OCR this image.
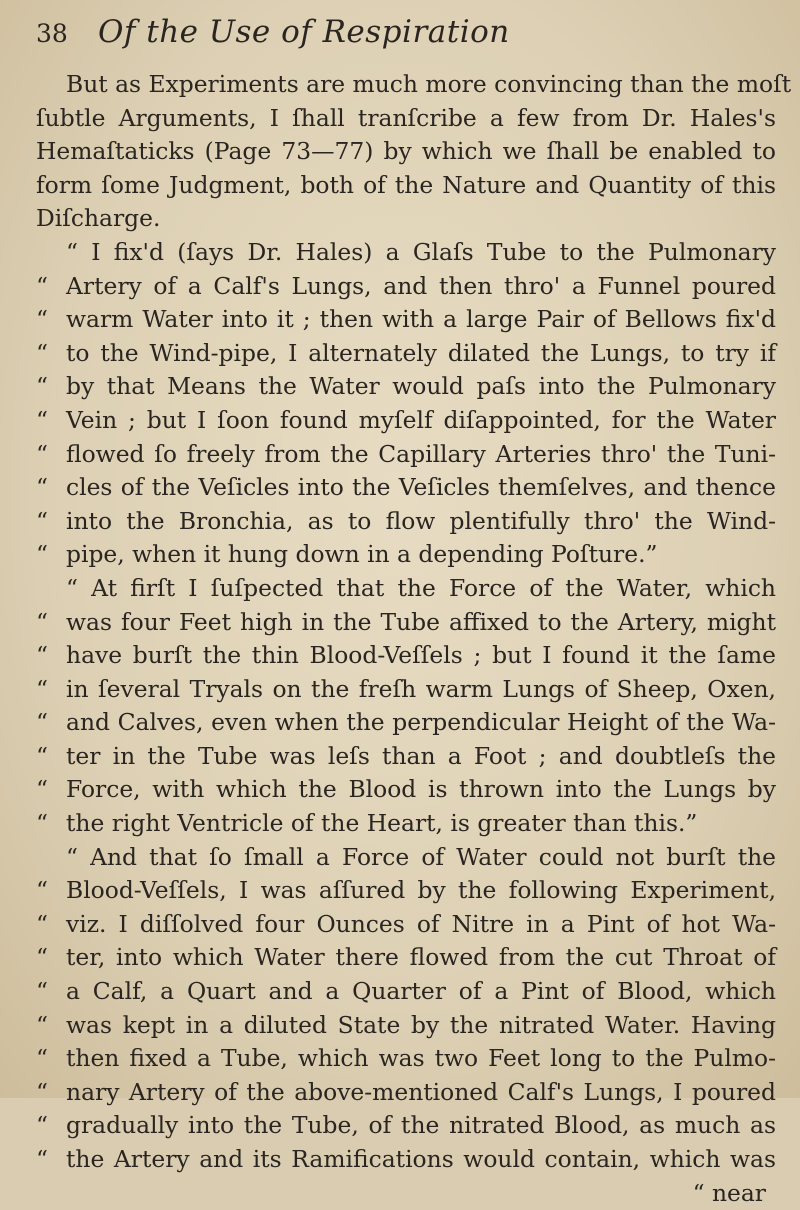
38 Of the Use of Respiration
But as Experiments are much more convincing than the moſt
ſubtle Arguments, I ſhall tranſcribe a few from Dr. Hales's
Hemaſtaticks (Page 73—77) by which we ſhall be enabled to
form ſome Judgment, both of the Nature and Quantity of this
Diſcharge.
“ I fix'd (ſays Dr. Hales) a Glaſs Tube to the Pulmonary
“ Artery of a Calf's Lungs, and then thro' a Funnel poured
“ warm Water into it ; then with a large Pair of Bellows fix'd
“ to the Wind-pipe, I alternately dilated the Lungs, to try if
“ by that Means the Water would paſs into the Pulmonary
“ Vein ; but I ſoon found myſelf diſappointed, for the Water
“ flowed ſo freely from the Capillary Arteries thro' the Tuni-
“ cles of the Veſicles into the Veſicles themſelves, and thence
“ into the Bronchia, as to flow plentifully thro' the Wind-
“ pipe, when it hung down in a depending Poſture.”
“ At firſt I ſuſpected that the Force of the Water, which
“ was four Feet high in the Tube affixed to the Artery, might
“ have burſt the thin Blood-Veſſels ; but I found it the ſame
“ in ſeveral Tryals on the freſh warm Lungs of Sheep, Oxen,
“ and Calves, even when the perpendicular Height of the Wa-
“ ter in the Tube was leſs than a Foot ; and doubtleſs the
“ Force, with which the Blood is thrown into the Lungs by
“ the right Ventricle of the Heart, is greater than this.”
“ And that ſo ſmall a Force of Water could not burſt the
“ Blood-Veſſels, I was aſſured by the following Experiment,
“ viz. I diſſolved four Ounces of Nitre in a Pint of hot Wa-
“ ter, into which Water there flowed from the cut Throat of
“ a Calf, a Quart and a Quarter of a Pint of Blood, which
“ was kept in a diluted State by the nitrated Water. Having
“ then fixed a Tube, which was two Feet long to the Pulmo-
“ nary Artery of the above-mentioned Calf's Lungs, I poured
“ gradually into the Tube, of the nitrated Blood, as much as
“ the Artery and its Ramifications would contain, which was
“ near
